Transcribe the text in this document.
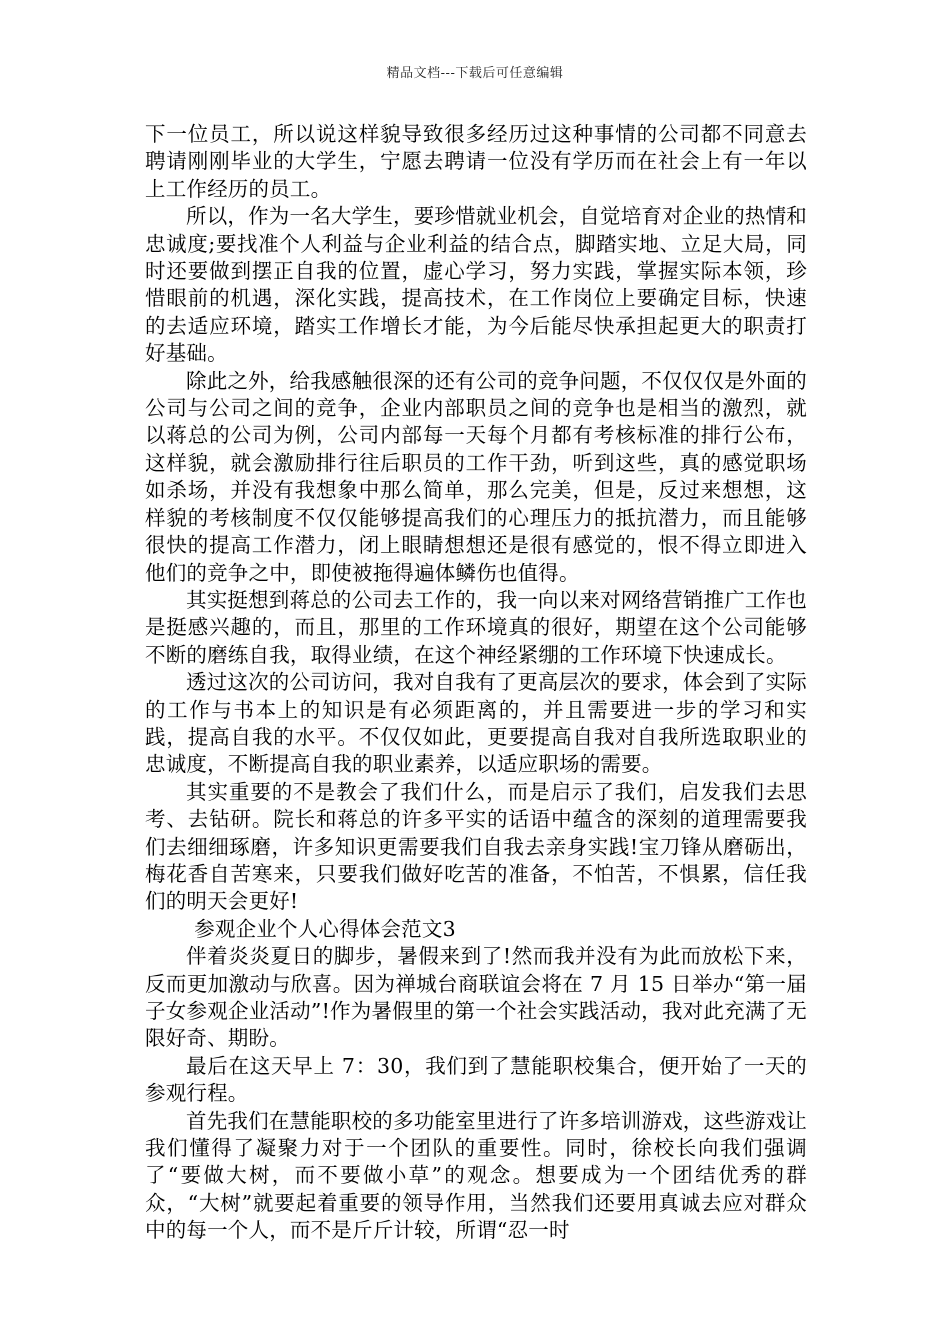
精品文档---下载后可任意编辑

下一位员工，所以说这样貌导致很多经历过这种事情的公司都不同意去聘请刚刚毕业的大学生，宁愿去聘请一位没有学历而在社会上有一年以上工作经历的员工。

所以，作为一名大学生，要珍惜就业机会，自觉培育对企业的热情和忠诚度;要找准个人利益与企业利益的结合点，脚踏实地、立足大局，同时还要做到摆正自我的位置，虚心学习，努力实践，掌握实际本领，珍惜眼前的机遇，深化实践，提高技术，在工作岗位上要确定目标，快速的去适应环境，踏实工作增长才能，为今后能尽快承担起更大的职责打好基础。

除此之外，给我感触很深的还有公司的竞争问题，不仅仅仅是外面的公司与公司之间的竞争，企业内部职员之间的竞争也是相当的激烈，就以蒋总的公司为例，公司内部每一天每个月都有考核标准的排行公布，这样貌，就会激励排行往后职员的工作干劲，听到这些，真的感觉职场如杀场，并没有我想象中那么简单，那么完美，但是，反过来想想，这样貌的考核制度不仅仅能够提高我们的心理压力的抵抗潜力，而且能够很快的提高工作潜力，闭上眼睛想想还是很有感觉的，恨不得立即进入他们的竞争之中，即使被拖得遍体鳞伤也值得。

其实挺想到蒋总的公司去工作的，我一向以来对网络营销推广工作也是挺感兴趣的，而且，那里的工作环境真的很好，期望在这个公司能够不断的磨练自我，取得业绩，在这个神经紧绷的工作环境下快速成长。

透过这次的公司访问，我对自我有了更高层次的要求，体会到了实际的工作与书本上的知识是有必须距离的，并且需要进一步的学习和实践，提高自我的水平。不仅仅如此，更要提高自我对自我所选取职业的忠诚度，不断提高自我的职业素养，以适应职场的需要。

其实重要的不是教会了我们什么，而是启示了我们，启发我们去思考、去钻研。院长和蒋总的许多平实的话语中蕴含的深刻的道理需要我们去细细琢磨，许多知识更需要我们自我去亲身实践!宝刀锋从磨砺出，梅花香自苦寒来，只要我们做好吃苦的准备，不怕苦，不惧累，信任我们的明天会更好!

参观企业个人心得体会范文3

伴着炎炎夏日的脚步，暑假来到了!然而我并没有为此而放松下来，反而更加激动与欣喜。因为禅城台商联谊会将在 7 月 15 日举办“第一届子女参观企业活动”!作为暑假里的第一个社会实践活动，我对此充满了无限好奇、期盼。

最后在这天早上 7：30，我们到了慧能职校集合，便开始了一天的参观行程。

首先我们在慧能职校的多功能室里进行了许多培训游戏，这些游戏让我们懂得了凝聚力对于一个团队的重要性。同时，徐校长向我们强调了“要做大树，而不要做小草”的观念。想要成为一个团结优秀的群众，“大树”就要起着重要的领导作用，当然我们还要用真诚去应对群众中的每一个人，而不是斤斤计较，所谓“忍一时
